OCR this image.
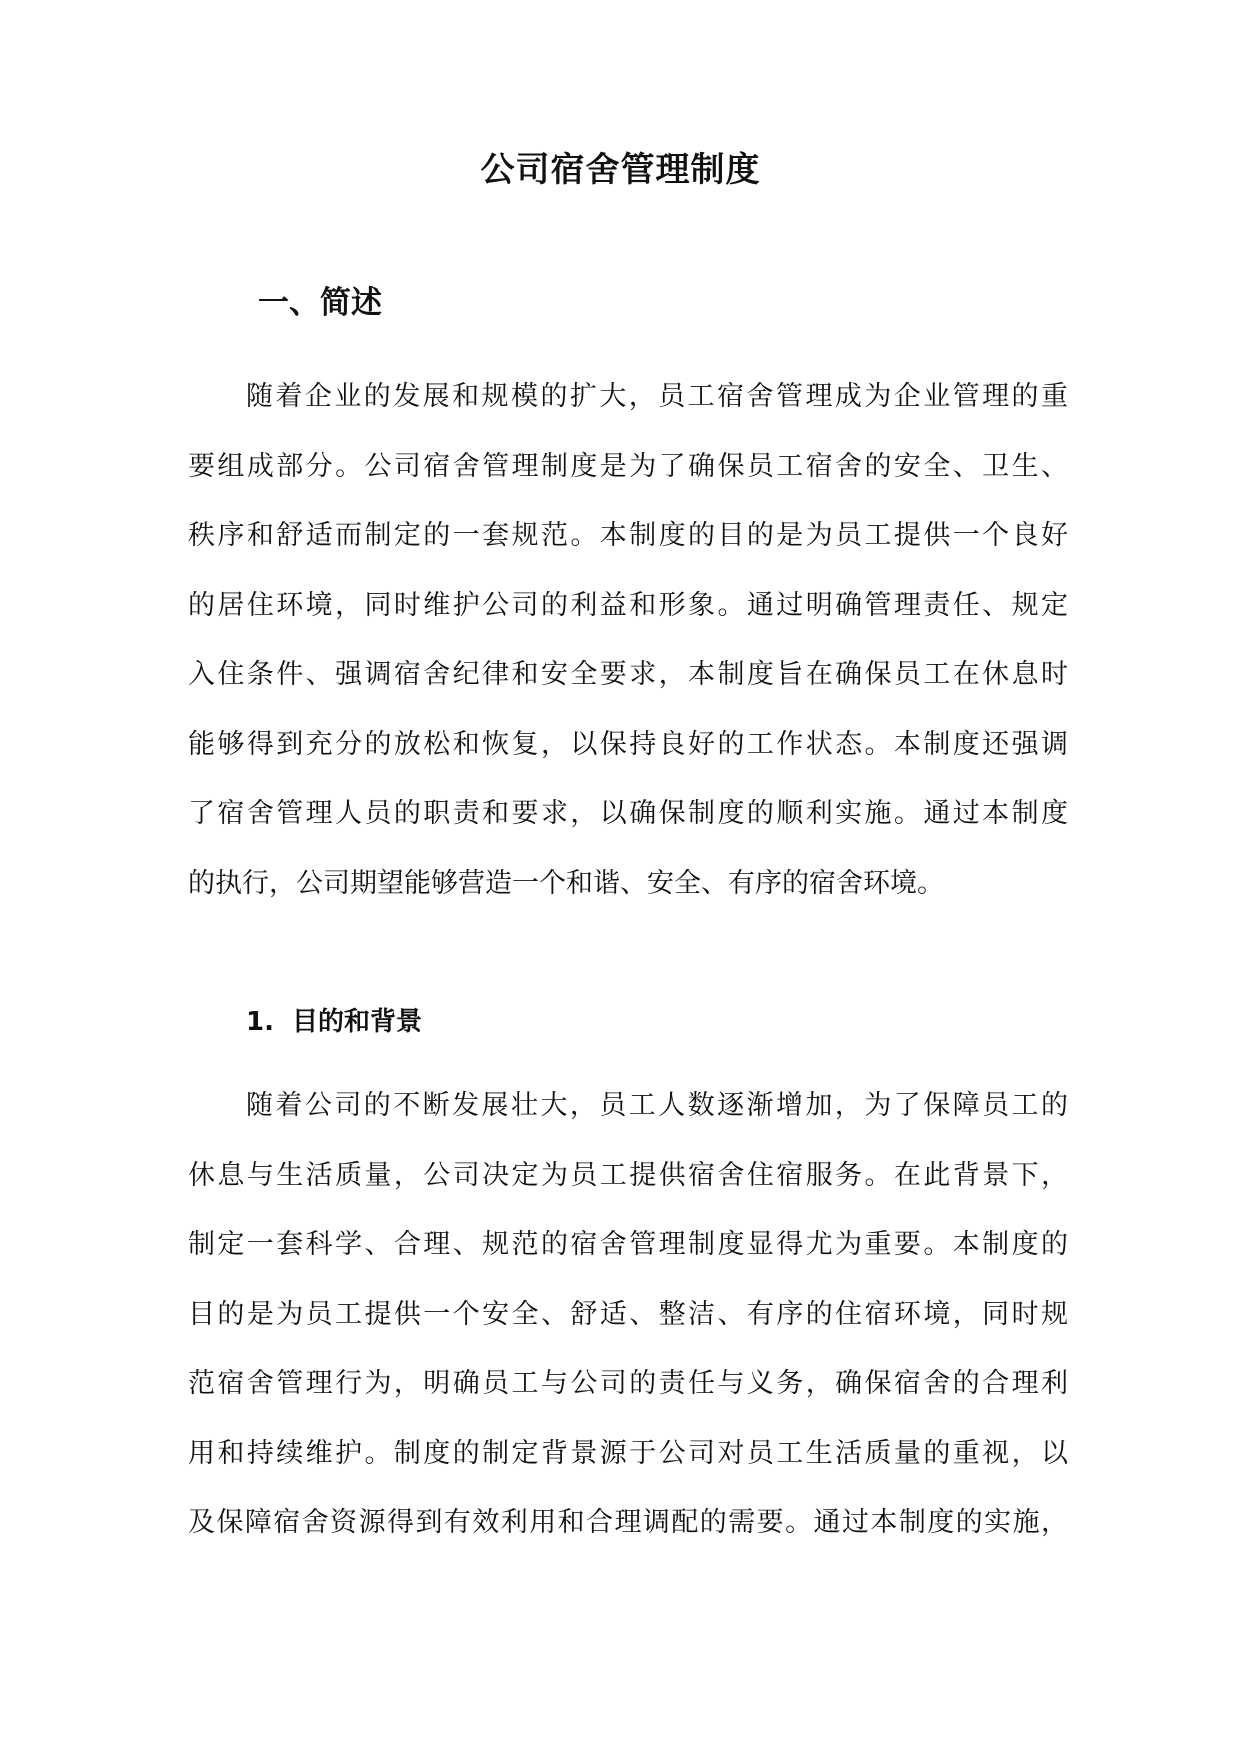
公司宿舍管理制度
一、简述
随着企业的发展和规模的扩大，员工宿舍管理成为企业管理的重
要组成部分。公司宿舍管理制度是为了确保员工宿舍的安全、卫生、
秩序和舒适而制定的一套规范。本制度的目的是为员工提供一个良好
的居住环境，同时维护公司的利益和形象。通过明确管理责任、规定
入住条件、强调宿舍纪律和安全要求，本制度旨在确保员工在休息时
能够得到充分的放松和恢复，以保持良好的工作状态。本制度还强调
了宿舍管理人员的职责和要求，以确保制度的顺利实施。通过本制度
的执行，公司期望能够营造一个和谐、安全、有序的宿舍环境。
1. 目的和背景
随着公司的不断发展壮大，员工人数逐渐增加，为了保障员工的
休息与生活质量，公司决定为员工提供宿舍住宿服务。在此背景下，
制定一套科学、合理、规范的宿舍管理制度显得尤为重要。本制度的
目的是为员工提供一个安全、舒适、整洁、有序的住宿环境，同时规
范宿舍管理行为，明确员工与公司的责任与义务，确保宿舍的合理利
用和持续维护。制度的制定背景源于公司对员工生活质量的重视，以
及保障宿舍资源得到有效利用和合理调配的需要。通过本制度的实施，
